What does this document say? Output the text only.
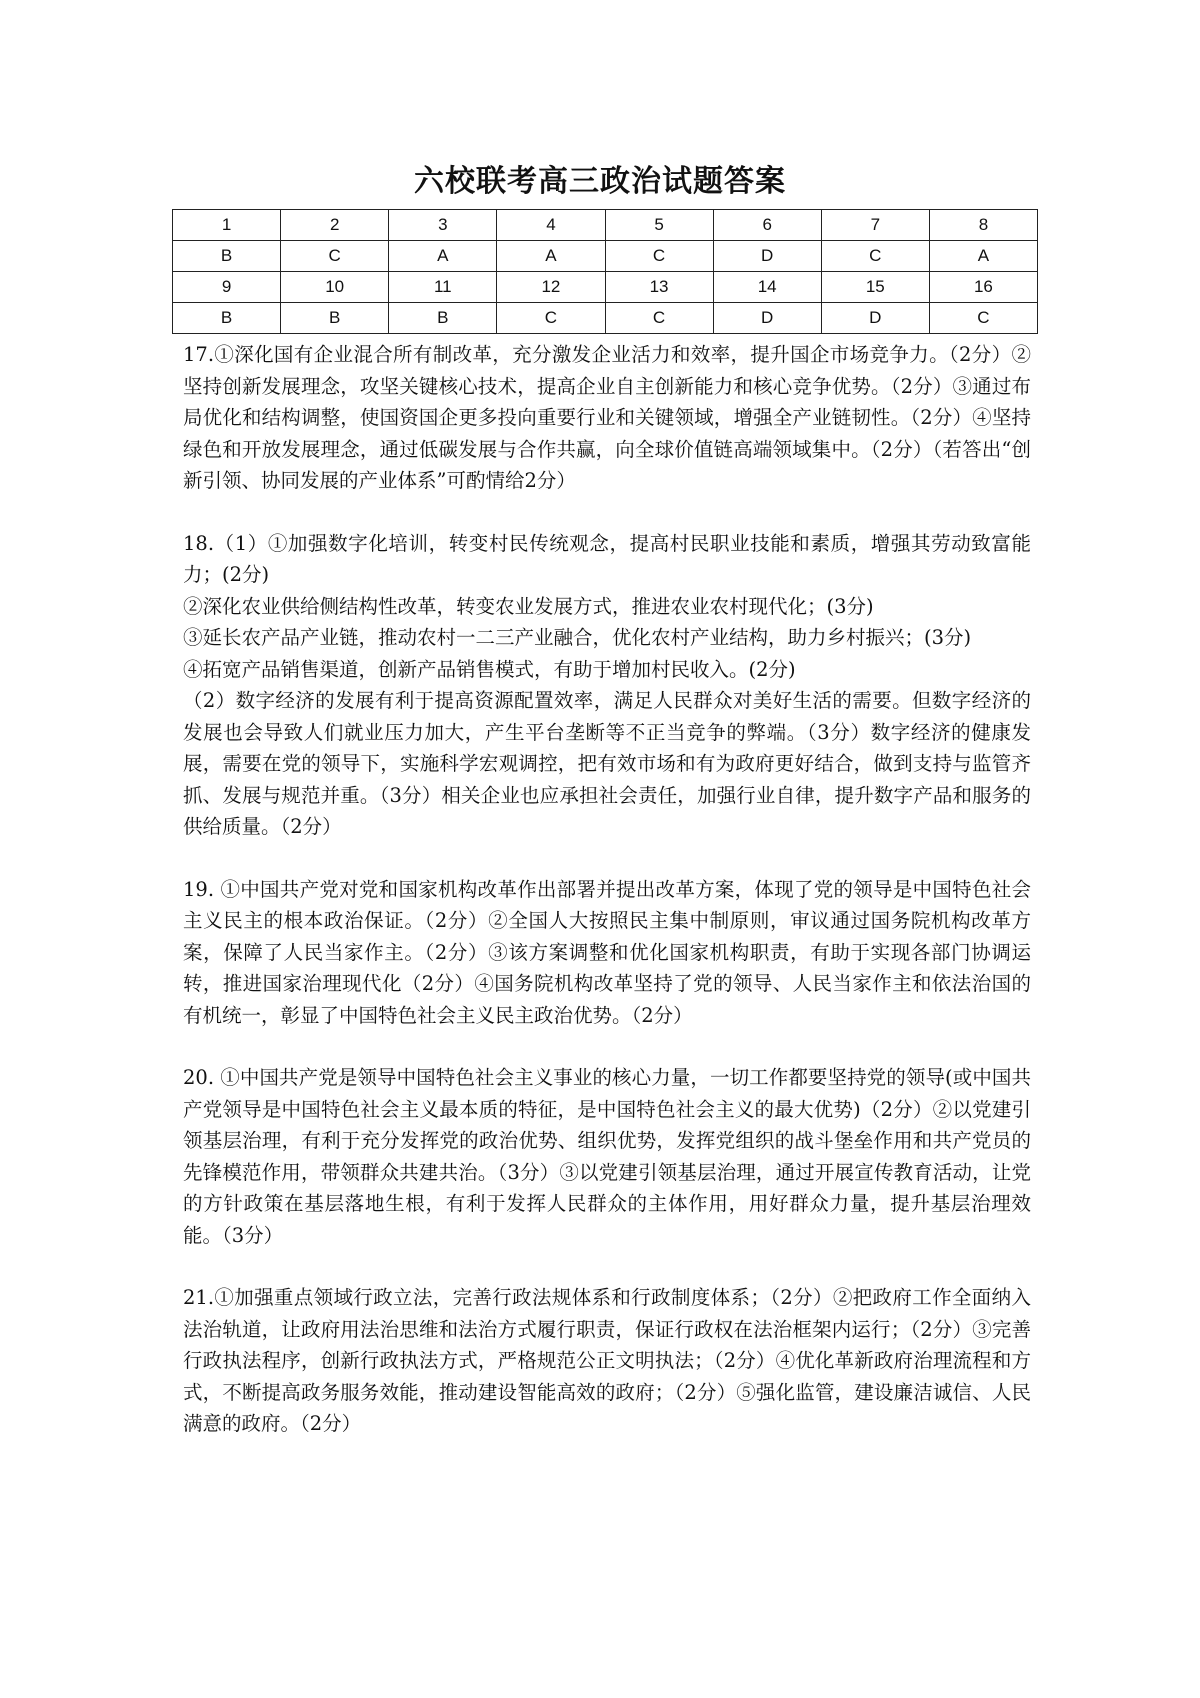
六校联考高三政治试题答案
1	2	3	4	5	6	7	8
B	C	A	A	C	D	C	A
9	10	11	12	13	14	15	16
B	B	B	C	C	D	D	C

17.①深化国有企业混合所有制改革，充分激发企业活力和效率，提升国企市场竞争力。（2分）②坚持创新发展理念，攻坚关键核心技术，提高企业自主创新能力和核心竞争优势。（2分）③通过布局优化和结构调整，使国资国企更多投向重要行业和关键领域，增强全产业链韧性。（2分）④坚持绿色和开放发展理念，通过低碳发展与合作共赢，向全球价值链高端领域集中。（2分）（若答出“创新引领、协同发展的产业体系”可酌情给2分）

18.（1）①加强数字化培训，转变村民传统观念，提高村民职业技能和素质，增强其劳动致富能力；(2分)

②深化农业供给侧结构性改革，转变农业发展方式，推进农业农村现代化；(3分)

③延长农产品产业链，推动农村一二三产业融合，优化农村产业结构，助力乡村振兴；(3分)

④拓宽产品销售渠道，创新产品销售模式，有助于增加村民收入。(2分)

（2）数字经济的发展有利于提高资源配置效率，满足人民群众对美好生活的需要。但数字经济的发展也会导致人们就业压力加大，产生平台垄断等不正当竞争的弊端。（3分）数字经济的健康发展，需要在党的领导下，实施科学宏观调控，把有效市场和有为政府更好结合，做到支持与监管齐抓、发展与规范并重。（3分）相关企业也应承担社会责任，加强行业自律，提升数字产品和服务的供给质量。（2分）

19. ①中国共产党对党和国家机构改革作出部署并提出改革方案，体现了党的领导是中国特色社会主义民主的根本政治保证。（2分）②全国人大按照民主集中制原则，审议通过国务院机构改革方案，保障了人民当家作主。（2分）③该方案调整和优化国家机构职责，有助于实现各部门协调运转，推进国家治理现代化（2分）④国务院机构改革坚持了党的领导、人民当家作主和依法治国的有机统一，彰显了中国特色社会主义民主政治优势。（2分）

20. ①中国共产党是领导中国特色社会主义事业的核心力量，一切工作都要坚持党的领导(或中国共产党领导是中国特色社会主义最本质的特征，是中国特色社会主义的最大优势)（2分）②以党建引领基层治理，有利于充分发挥党的政治优势、组织优势，发挥党组织的战斗堡垒作用和共产党员的先锋模范作用，带领群众共建共治。（3分）③以党建引领基层治理，通过开展宣传教育活动，让党的方针政策在基层落地生根，有利于发挥人民群众的主体作用，用好群众力量，提升基层治理效能。（3分）

21.①加强重点领域行政立法，完善行政法规体系和行政制度体系；（2分）②把政府工作全面纳入法治轨道，让政府用法治思维和法治方式履行职责，保证行政权在法治框架内运行；（2分）③完善行政执法程序，创新行政执法方式，严格规范公正文明执法；（2分）④优化革新政府治理流程和方式，不断提高政务服务效能，推动建设智能高效的政府；（2分）⑤强化监管，建设廉洁诚信、人民满意的政府。（2分）
